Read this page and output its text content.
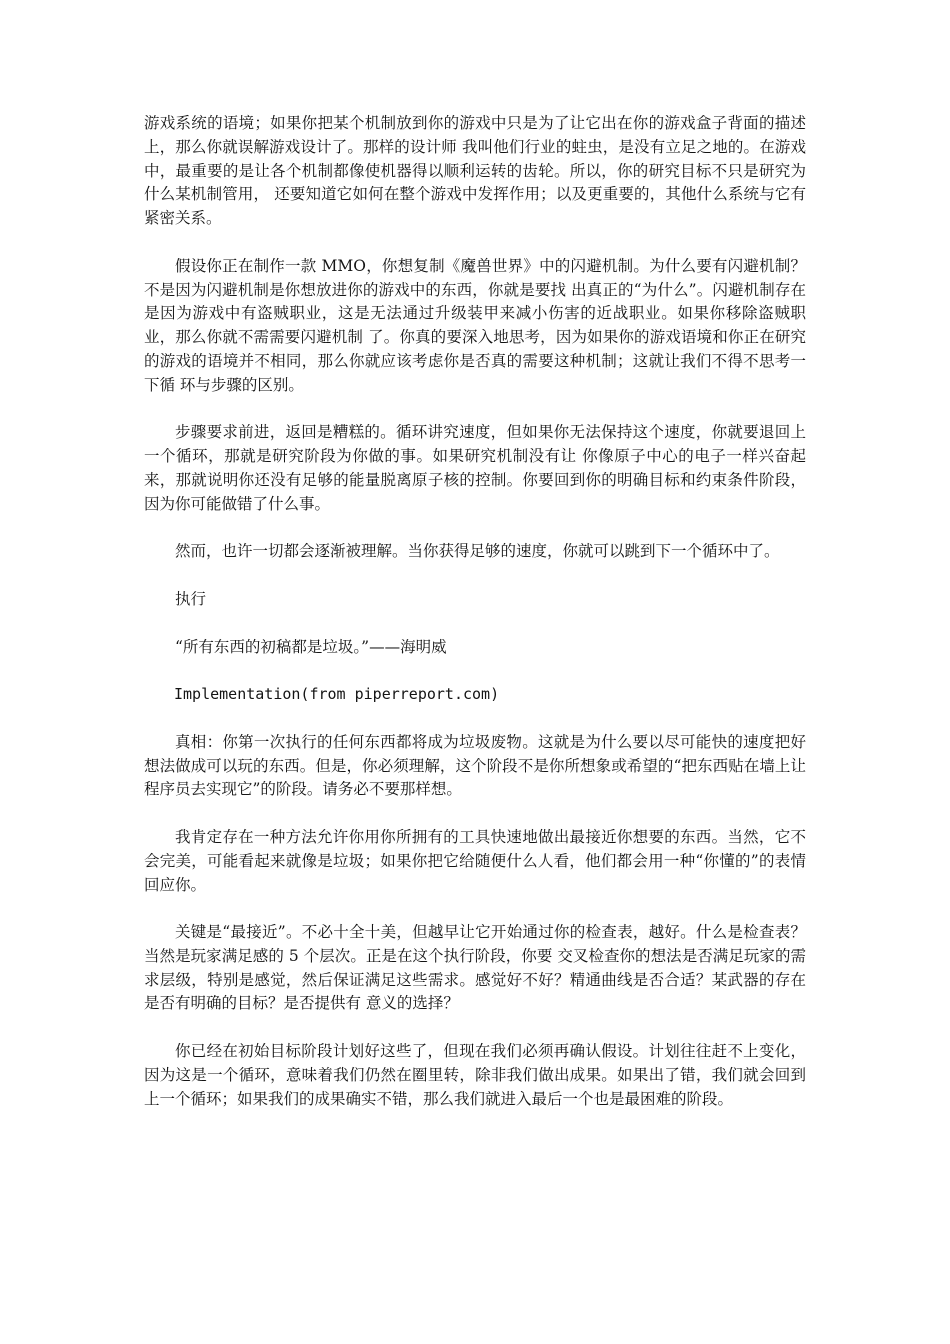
游戏系统的语境；如果你把某个机制放到你的游戏中只是为了让它出在你的游戏盒子背面的描述上，那么你就误解游戏设计了。那样的设计师 我叫他们行业的蛀虫，是没有立足之地的。在游戏中，最重要的是让各个机制都像使机器得以顺利运转的齿轮。所以，你的研究目标不只是研究为什么某机制管用， 还要知道它如何在整个游戏中发挥作用；以及更重要的，其他什么系统与它有紧密关系。

假设你正在制作一款 MMO，你想复制《魔兽世界》中的闪避机制。为什么要有闪避机制？不是因为闪避机制是你想放进你的游戏中的东西，你就是要找 出真正的“为什么”。闪避机制存在是因为游戏中有盗贼职业，这是无法通过升级装甲来减小伤害的近战职业。如果你移除盗贼职业，那么你就不需需要闪避机制 了。你真的要深入地思考，因为如果你的游戏语境和你正在研究的游戏的语境并不相同，那么你就应该考虑你是否真的需要这种机制；这就让我们不得不思考一下循 环与步骤的区别。

步骤要求前进，返回是糟糕的。循环讲究速度，但如果你无法保持这个速度，你就要退回上一个循环，那就是研究阶段为你做的事。如果研究机制没有让 你像原子中心的电子一样兴奋起来，那就说明你还没有足够的能量脱离原子核的控制。你要回到你的明确目标和约束条件阶段，因为你可能做错了什么事。

然而，也许一切都会逐渐被理解。当你获得足够的速度，你就可以跳到下一个循环中了。

执行

“所有东西的初稿都是垃圾。”——海明威

Implementation(from piperreport.com)

真相：你第一次执行的任何东西都将成为垃圾废物。这就是为什么要以尽可能快的速度把好想法做成可以玩的东西。但是，你必须理解，这个阶段不是你所想象或希望的“把东西贴在墙上让程序员去实现它”的阶段。请务必不要那样想。

我肯定存在一种方法允许你用你所拥有的工具快速地做出最接近你想要的东西。当然，它不会完美，可能看起来就像是垃圾；如果你把它给随便什么人看，他们都会用一种“你懂的”的表情回应你。

关键是“最接近”。不必十全十美，但越早让它开始通过你的检查表，越好。什么是检查表？当然是玩家满足感的 5 个层次。正是在这个执行阶段，你要 交叉检查你的想法是否满足玩家的需求层级，特别是感觉，然后保证满足这些需求。感觉好不好？精通曲线是否合适？某武器的存在是否有明确的目标？是否提供有 意义的选择？

你已经在初始目标阶段计划好这些了，但现在我们必须再确认假设。计划往往赶不上变化，因为这是一个循环，意味着我们仍然在圈里转，除非我们做出成果。如果出了错，我们就会回到上一个循环；如果我们的成果确实不错，那么我们就进入最后一个也是最困难的阶段。
